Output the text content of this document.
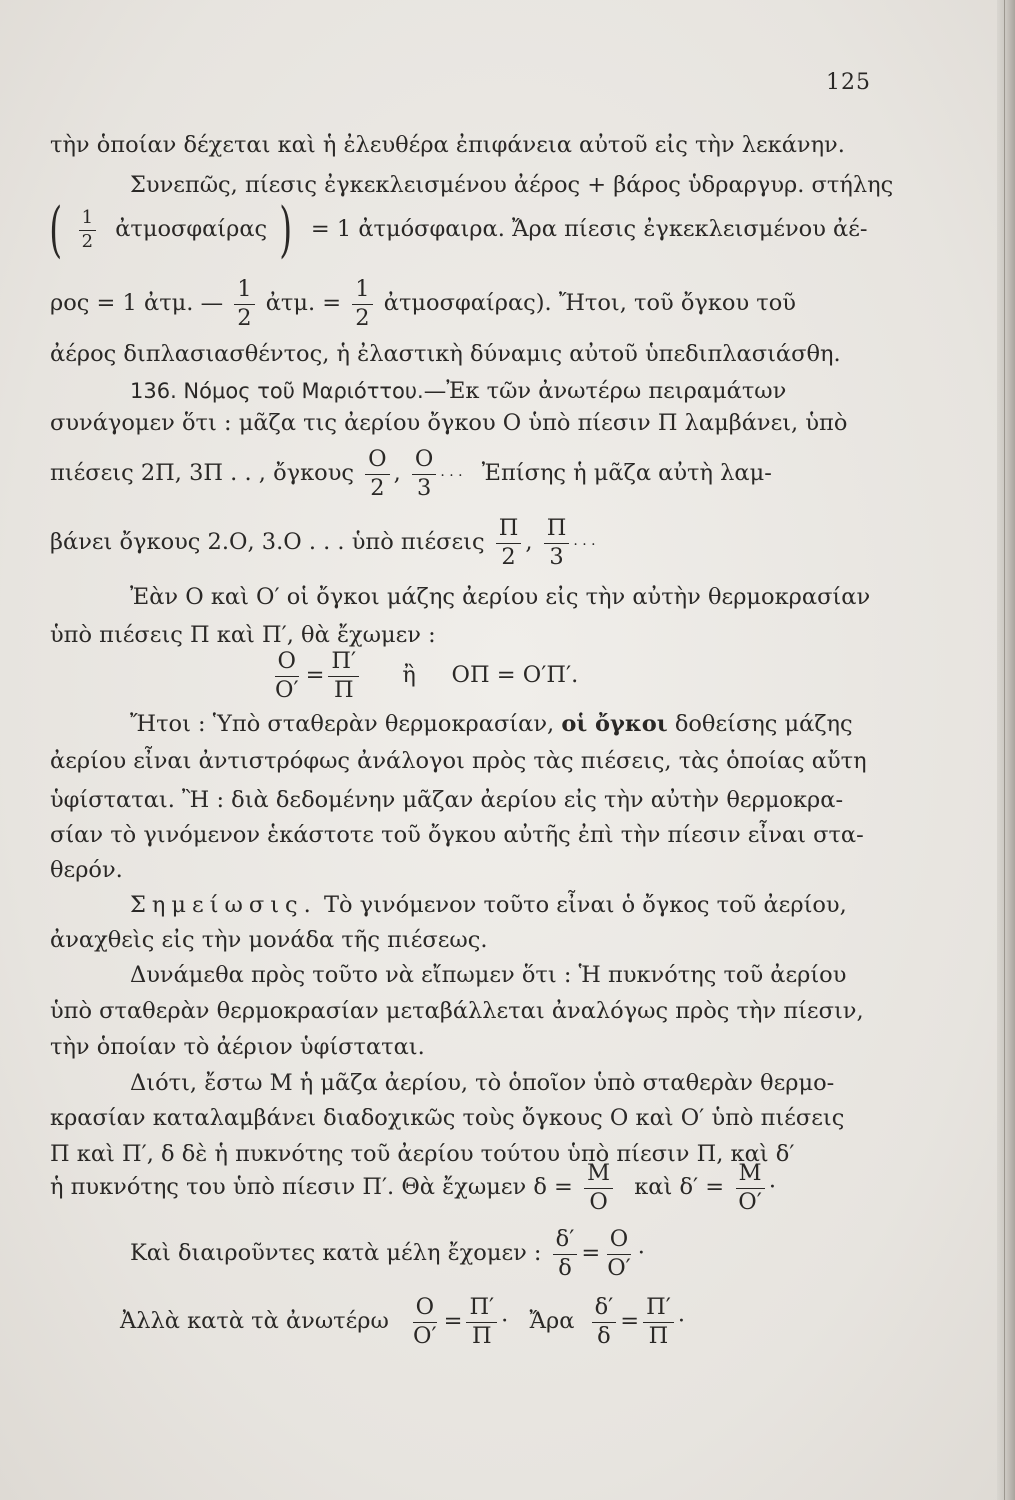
125
τὴν ὁποίαν δέχεται καὶ ἡ ἐλευθέρα ἐπιφάνεια αὐτοῦ εἰς τὴν λεκάνην.
Συνεπῶς, πίεσις ἐγκεκλεισμένου ἀέρος + βάρος ὑδραργυρ. στήλης
( $\frac{1}{2}$ ἀτμοσφαίρας ) = 1 ἀτμόσφαιρα. Ἄρα πίεσις ἐγκεκλεισμένου ἀέ-
ρος = 1 ἀτμ. — $\frac{1}{2}$ ἀτμ. = $\frac{1}{2}$ ἀτμοσφαίρας). Ἤτοι, τοῦ ὄγκου τοῦ
ἀέρος διπλασιασθέντος, ἡ ἐλαστικὴ δύναμις αὐτοῦ ὑπεδιπλασιάσθη.
136. Νόμος τοῦ Μαριόττου.—Ἐκ τῶν ἀνωτέρω πειραμάτων
συνάγομεν ὅτι : μᾶζα τις ἀερίου ὄγκου Ο ὑπὸ πίεσιν Π λαμβάνει, ὑπὸ
πιέσεις 2Π, 3Π . . , ὄγκους $\frac{O}{2}$ , $\frac{O}{3}$ · · · Ἐπίσης ἡ μᾶζα αὐτὴ λαμ-
βάνει ὄγκους 2.Ο, 3.Ο . . . ὑπὸ πιέσεις $\frac{\Pi}{2}$ , $\frac{\Pi}{3}$ · · ·
Ἐὰν Ο καὶ Ο′ οἱ ὄγκοι μάζης ἀερίου εἰς τὴν αὐτὴν θερμοκρασίαν
ὑπὸ πιέσεις Π καὶ Π′, θὰ ἔχωμεν :
$\frac{O}{O'} = \frac{\Pi'}{\Pi}$ ἢ     ΟΠ = Ο′Π′.
Ἤτοι : Ὑπὸ σταθερὰν θερμοκρασίαν, οἱ ὄγκοι δοθείσης μάζης
ἀερίου εἶναι ἀντιστρόφως ἀνάλογοι πρὸς τὰς πιέσεις, τὰς ὁποίας αὔτη
ὑφίσταται. Ἢ : διὰ δεδομένην μᾶζαν ἀερίου εἰς τὴν αὐτὴν θερμοκρα-
σίαν τὸ γινόμενον ἑκάστοτε τοῦ ὄγκου αὐτῆς ἐπὶ τὴν πίεσιν εἶναι στα-
θερόν.
Σημείωσις. Τὸ γινόμενον τοῦτο εἶναι ὁ ὄγκος τοῦ ἀερίου,
ἀναχθεὶς εἰς τὴν μονάδα τῆς πιέσεως.
Δυνάμεθα πρὸς τοῦτο νὰ εἴπωμεν ὅτι : Ἡ πυκνότης τοῦ ἀερίου
ὑπὸ σταθερὰν θερμοκρασίαν μεταβάλλεται ἀναλόγως πρὸς τὴν πίεσιν,
τὴν ὁποίαν τὸ ἀέριον ὑφίσταται.
Διότι, ἔστω Μ ἡ μᾶζα ἀερίου, τὸ ὁποῖον ὑπὸ σταθερὰν θερμο-
κρασίαν καταλαμβάνει διαδοχικῶς τοὺς ὄγκους Ο καὶ Ο′ ὑπὸ πιέσεις
Π καὶ Π′, δ δὲ ἡ πυκνότης τοῦ ἀερίου τούτου ὑπὸ πίεσιν Π, καὶ δ′
ἡ πυκνότης του ὑπὸ πίεσιν Π′. Θὰ ἔχωμεν $\delta = \frac{M}{O}$ καὶ $\delta' = \frac{M}{O'}$ ·
Καὶ διαιροῦντες κατὰ μέλη ἔχομεν : $\frac{\delta'}{\delta} = \frac{O}{O'}$ ·
Ἀλλὰ κατὰ τὰ ἀνωτέρω $\frac{O}{O'} = \frac{\Pi'}{\Pi}$ · Ἄρα $\frac{\delta'}{\delta} = \frac{\Pi'}{\Pi}$ ·
